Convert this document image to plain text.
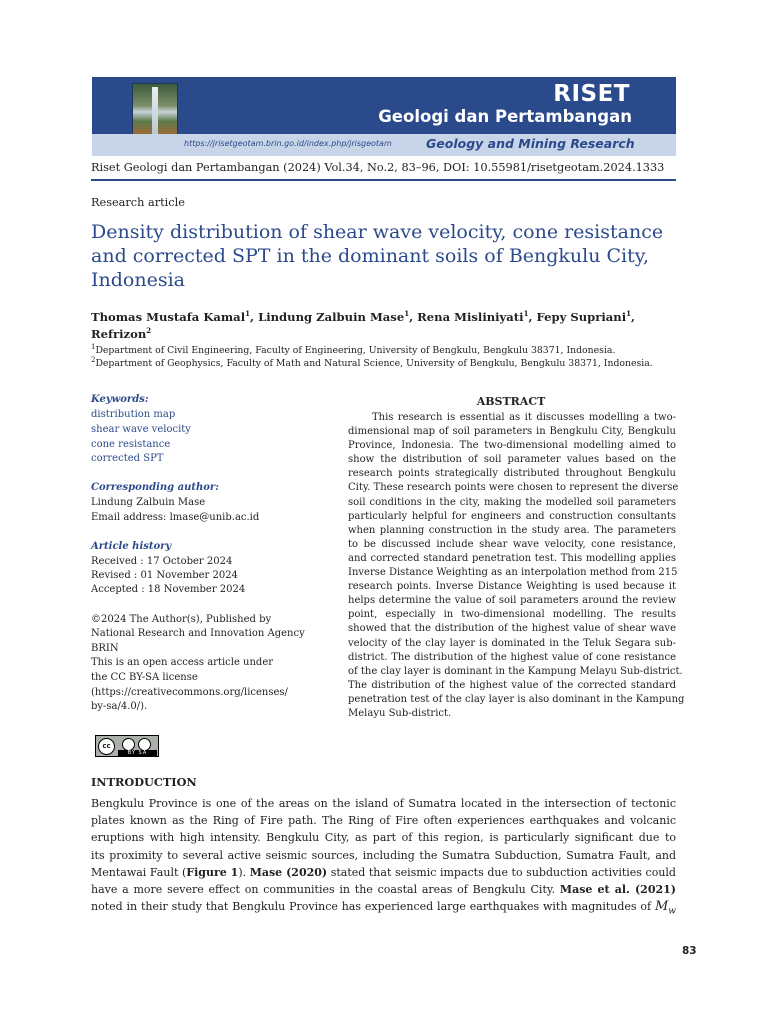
RISET
Geologi dan Pertambangan
https://jrisetgeotam.brin.go.id/index.php/jrisgeotam	Geology and Mining Research
Riset Geologi dan Pertambangan (2024) Vol.34, No.2, 83–96, DOI: 10.55981/risetgeotam.2024.1333
Research article
Density distribution of shear wave velocity, cone resistance
and corrected SPT in the dominant soils of Bengkulu City,
Indonesia
Thomas Mustafa Kamal$^1$, Lindung Zalbuin Mase$^1$, Rena Misliniyati$^1$, Fepy Supriani$^1$,
Refrizon$^2$
$^1$Department of Civil Engineering, Faculty of Engineering, University of Bengkulu, Bengkulu 38371, Indonesia.
$^2$Department of Geophysics, Faculty of Math and Natural Science, University of Bengkulu, Bengkulu 38371, Indonesia.
Keywords:
distribution map
shear wave velocity
cone resistance
corrected SPT
Corresponding author:
Lindung Zalbuin Mase
Email address: lmase@unib.ac.id
Article history
Received : 17 October 2024
Revised : 01 November 2024
Accepted : 18 November 2024
©2024 The Author(s), Published by
National Research and Innovation Agency
BRIN
This is an open access article under
the CC BY-SA license
(https://creativecommons.org/licenses/
by-sa/4.0/).
cc
BY SA
ABSTRACT
This research is essential as it discusses modelling a two-
dimensional map of soil parameters in Bengkulu City, Bengkulu
Province, Indonesia. The two-dimensional modelling aimed to
show the distribution of soil parameter values based on the
research points strategically distributed throughout Bengkulu
City. These research points were chosen to represent the diverse
soil conditions in the city, making the modelled soil parameters
particularly helpful for engineers and construction consultants
when planning construction in the study area. The parameters
to be discussed include shear wave velocity, cone resistance,
and corrected standard penetration test. This modelling applies
Inverse Distance Weighting as an interpolation method from 215
research points. Inverse Distance Weighting is used because it
helps determine the value of soil parameters around the review
point, especially in two-dimensional modelling. The results
showed that the distribution of the highest value of shear wave
velocity of the clay layer is dominated in the Teluk Segara sub-
district. The distribution of the highest value of cone resistance
of the clay layer is dominant in the Kampung Melayu Sub-district.
The distribution of the highest value of the corrected standard
penetration test of the clay layer is also dominant in the Kampung
Melayu Sub-district.
INTRODUCTION
Bengkulu Province is one of the areas on the island of Sumatra located in the intersection of tectonic
plates known as the Ring of Fire path. The Ring of Fire often experiences earthquakes and volcanic
eruptions with high intensity. Bengkulu City, as part of this region, is particularly significant due to
its proximity to several active seismic sources, including the Sumatra Subduction, Sumatra Fault, and
Mentawai Fault (Figure 1). Mase (2020) stated that seismic impacts due to subduction activities could
have a more severe effect on communities in the coastal areas of Bengkulu City. Mase et al. (2021)
noted in their study that Bengkulu Province has experienced large earthquakes with magnitudes of $M_w$
83
